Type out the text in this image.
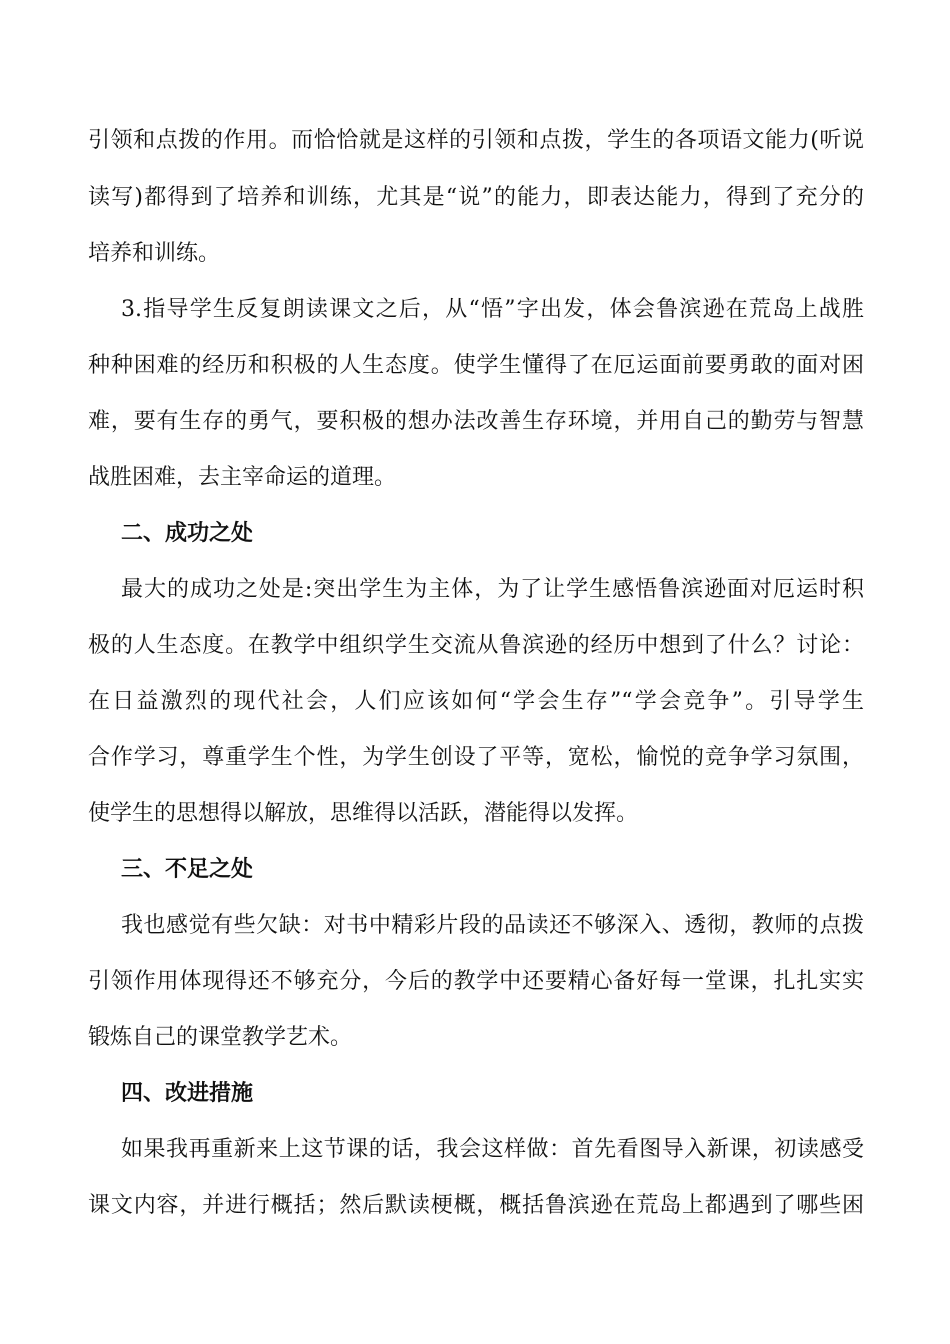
引领和点拨的作用。而恰恰就是这样的引领和点拨，学生的各项语文能力(听说
读写)都得到了培养和训练，尤其是“说”的能力，即表达能力，得到了充分的
培养和训练。
3.指导学生反复朗读课文之后，从“悟”字出发，体会鲁滨逊在荒岛上战胜
种种困难的经历和积极的人生态度。使学生懂得了在厄运面前要勇敢的面对困
难，要有生存的勇气，要积极的想办法改善生存环境，并用自己的勤劳与智慧
战胜困难，去主宰命运的道理。
二、成功之处
最大的成功之处是:突出学生为主体，为了让学生感悟鲁滨逊面对厄运时积
极的人生态度。在教学中组织学生交流从鲁滨逊的经历中想到了什么？讨论：
在日益激烈的现代社会，人们应该如何“学会生存”“学会竞争”。引导学生
合作学习，尊重学生个性，为学生创设了平等，宽松，愉悦的竞争学习氛围，
使学生的思想得以解放，思维得以活跃，潜能得以发挥。
三、不足之处
我也感觉有些欠缺：对书中精彩片段的品读还不够深入、透彻，教师的点拨
引领作用体现得还不够充分，今后的教学中还要精心备好每一堂课，扎扎实实
锻炼自己的课堂教学艺术。
四、改进措施
如果我再重新来上这节课的话，我会这样做：首先看图导入新课，初读感受
课文内容，并进行概括；然后默读梗概，概括鲁滨逊在荒岛上都遇到了哪些困
